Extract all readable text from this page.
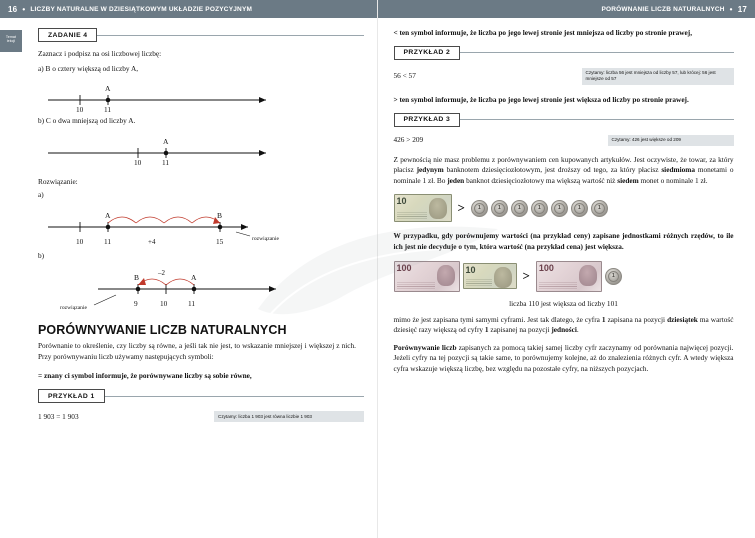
16 • LICZBY NATURALNE W DZIESIĄTKOWYM UKŁADZIE POZYCYJNYM
Temat
lekcji
ZADANIE 4
Zaznacz i podpisz na osi liczbowej liczbę:
a) B o cztery większą od liczby A,
A
10	11
b) C o dwa mniejszą od liczby A.
A
10	11
Rozwiązanie:
a)
A	B
10	11	15
+4	rozwiązanie
b)
B	A
9	10	11
–2
rozwiązanie
PORÓWNYWANIE LICZB NATURALNYCH
Porównanie to określenie, czy liczby są równe, a jeśli tak nie jest, to wskazanie mniejszej i większej z nich. Przy porównywaniu liczb używamy następujących symboli:
= znany ci symbol informuje, że porównywane liczby są sobie równe,
PRZYKŁAD 1
1 903 = 1 903	Czytamy: liczba 1 903 jest równa liczbie 1 903
PORÓWNANIE LICZB NATURALNYCH • 17
< ten symbol informuje, że liczba po jego lewej stronie jest mniejsza od liczby po stronie prawej,
PRZYKŁAD 2
56 < 57	Czytamy: liczba 56 jest mniejsza od liczby 57, lub krócej: 56 jest mniejsze od 57
> ten symbol informuje, że liczba po jego lewej stronie jest większa od liczby po stronie prawej.
PRZYKŁAD 3
426 > 209	Czytamy: 426 jest większe od 209
Z pewnością nie masz problemu z porównywaniem cen kupowanych artykułów. Jest oczywiste, że towar, za który płacisz jedynym banknotem dziesięciozłotowym, jest droższy od tego, za który płacisz siedmioma monetami o nominale 1 zł. Bo jeden banknot dziesięciozłotowy ma większą wartość niż siedem monet o nominale 1 zł.
10	>	1	1	1	1	1	1	1
W przypadku, gdy porównujemy wartości (na przykład ceny) zapisane jednostkami różnych rzędów, to ile ich jest nie decyduje o tym, która wartość (na przykład cena) jest większa.
100	10	>
100
1
liczba 110 jest większa od liczby 101
mimo że jest zapisana tymi samymi cyframi. Jest tak dlatego, że cyfra 1 zapisana na pozycji dziesiątek ma wartość dziesięć razy większą od cyfry 1 zapisanej na pozycji jedności.
Porównywanie liczb zapisanych za pomocą takiej samej liczby cyfr zaczynamy od porównania najwięcej pozycji. Jeżeli cyfry na tej pozycji są takie same, to porównujemy kolejne, aż do znalezienia różnych cyfr. A wtedy większa cyfra wskazuje większą liczbę, bez względu na pozostałe cyfry, na niższych pozycjach.
